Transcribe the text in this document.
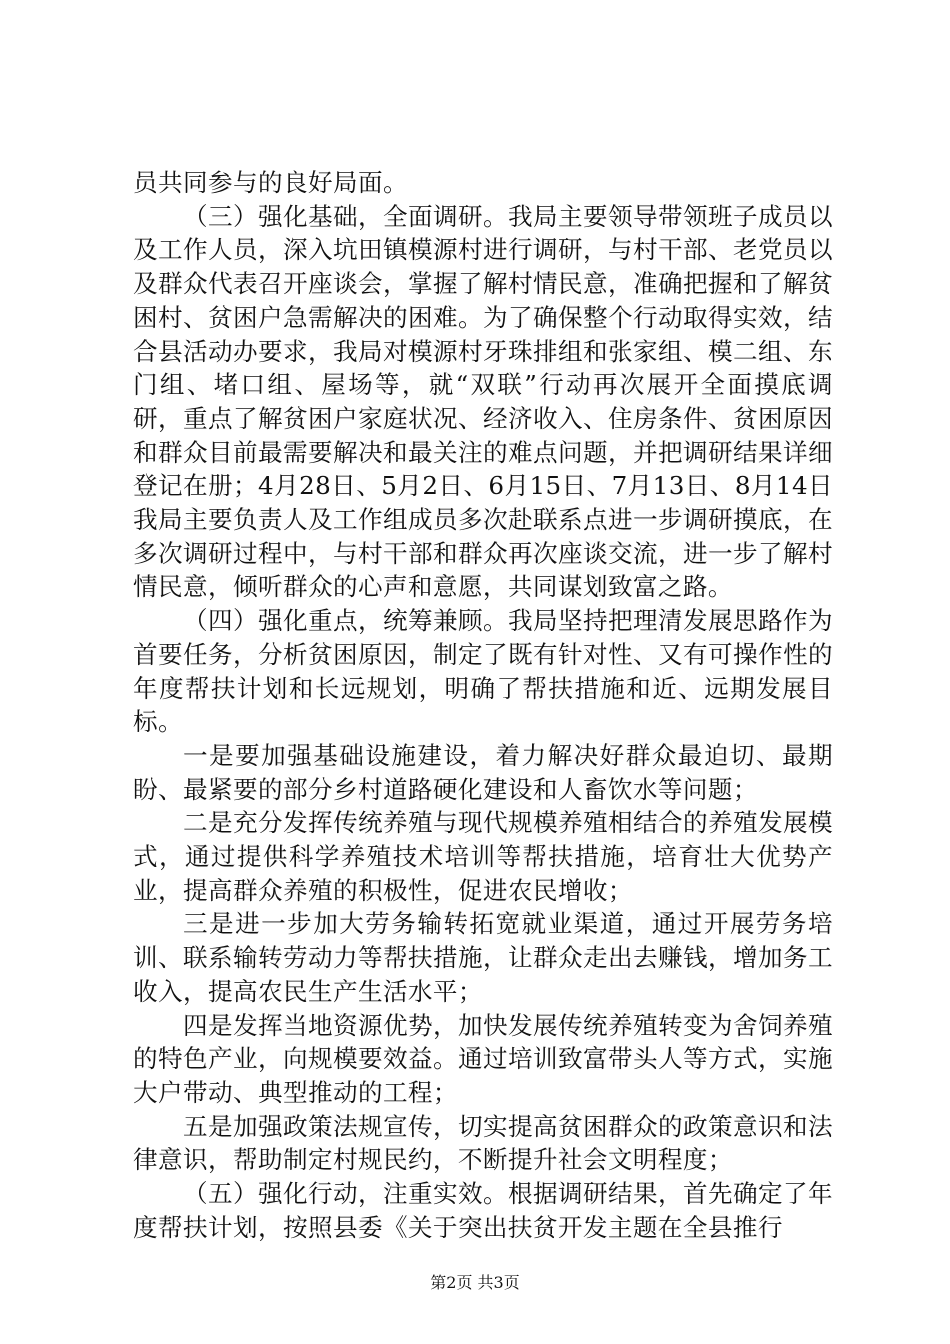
员共同参与的良好局面。

（三）强化基础，全面调研。我局主要领导带领班子成员以及工作人员，深入坑田镇模源村进行调研，与村干部、老党员以及群众代表召开座谈会，掌握了解村情民意，准确把握和了解贫困村、贫困户急需解决的困难。为了确保整个行动取得实效，结合县活动办要求，我局对模源村牙珠排组和张家组、模二组、东门组、堵口组、屋场等，就“双联”行动再次展开全面摸底调研，重点了解贫困户家庭状况、经济收入、住房条件、贫困原因和群众目前最需要解决和最关注的难点问题，并把调研结果详细登记在册；4月28日、5月2日、6月15日、7月13日、8月14日我局主要负责人及工作组成员多次赴联系点进一步调研摸底，在多次调研过程中，与村干部和群众再次座谈交流，进一步了解村情民意，倾听群众的心声和意愿，共同谋划致富之路。

（四）强化重点，统筹兼顾。我局坚持把理清发展思路作为首要任务，分析贫困原因，制定了既有针对性、又有可操作性的年度帮扶计划和长远规划，明确了帮扶措施和近、远期发展目标。

一是要加强基础设施建设，着力解决好群众最迫切、最期盼、最紧要的部分乡村道路硬化建设和人畜饮水等问题；

二是充分发挥传统养殖与现代规模养殖相结合的养殖发展模式，通过提供科学养殖技术培训等帮扶措施，培育壮大优势产业，提高群众养殖的积极性，促进农民增收；

三是进一步加大劳务输转拓宽就业渠道，通过开展劳务培训、联系输转劳动力等帮扶措施，让群众走出去赚钱，增加务工收入，提高农民生产生活水平；

四是发挥当地资源优势，加快发展传统养殖转变为舍饲养殖的特色产业，向规模要效益。通过培训致富带头人等方式，实施大户带动、典型推动的工程；

五是加强政策法规宣传，切实提高贫困群众的政策意识和法律意识，帮助制定村规民约，不断提升社会文明程度；

（五）强化行动，注重实效。根据调研结果，首先确定了年度帮扶计划，按照县委《关于突出扶贫开发主题在全县推行

第2页 共3页
